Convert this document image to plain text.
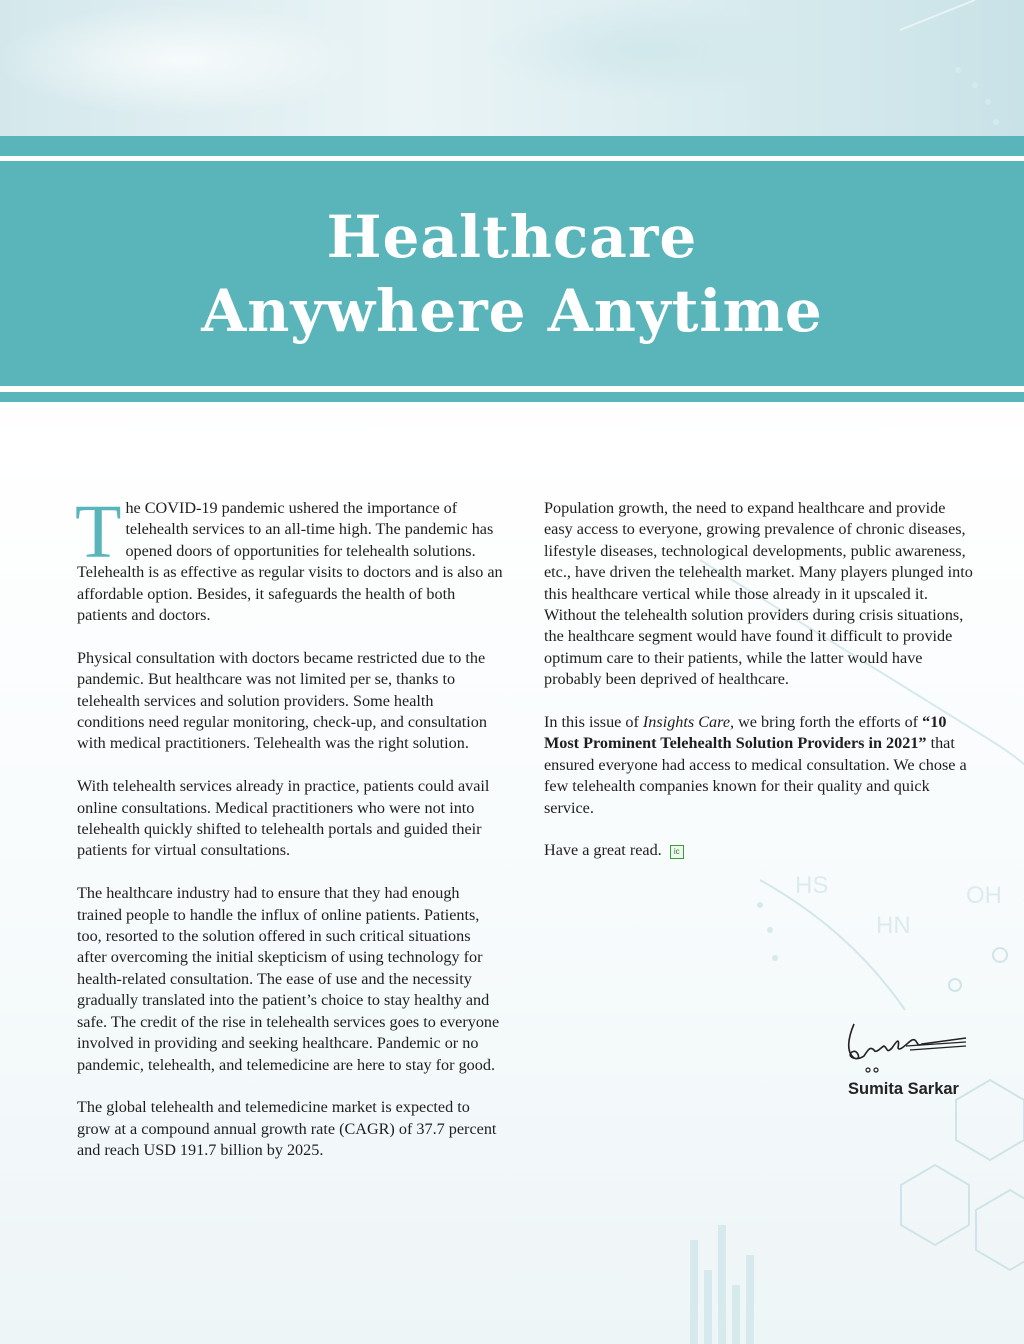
HS	OH
HN
Healthcare
Anywhere Anytime

The COVID-19 pandemic ushered the importance of telehealth services to an all-time high. The pandemic has opened doors of opportunities for telehealth solutions. Telehealth is as effective as regular visits to doctors and is also an affordable option. Besides, it safeguards the health of both patients and doctors.

Physical consultation with doctors became restricted due to the pandemic. But healthcare was not limited per se, thanks to telehealth services and solution providers. Some health conditions need regular monitoring, check-up, and consultation with medical practitioners. Telehealth was the right solution.

With telehealth services already in practice, patients could avail online consultations. Medical practitioners who were not into telehealth quickly shifted to telehealth portals and guided their patients for virtual consultations.

The healthcare industry had to ensure that they had enough trained people to handle the influx of online patients. Patients, too, resorted to the solution offered in such critical situations after overcoming the initial skepticism of using technology for health-related consultation. The ease of use and the necessity gradually translated into the patient’s choice to stay healthy and safe. The credit of the rise in telehealth services goes to everyone involved in providing and seeking healthcare. Pandemic or no pandemic, telehealth, and telemedicine are here to stay for good.

The global telehealth and telemedicine market is expected to grow at a compound annual growth rate (CAGR) of 37.7 percent and reach USD 191.7 billion by 2025.

Population growth, the need to expand healthcare and provide easy access to everyone, growing prevalence of chronic diseases, lifestyle diseases, technological developments, public awareness, etc., have driven the telehealth market. Many players plunged into this healthcare vertical while those already in it upscaled it. Without the telehealth solution providers during crisis situations, the healthcare segment would have found it difficult to provide optimum care to their patients, while the latter would have probably been deprived of healthcare.

In this issue of Insights Care, we bring forth the efforts of “10 Most Prominent Telehealth Solution Providers in 2021” that ensured everyone had access to medical consultation. We chose a few telehealth companies known for their quality and quick service.

Have a great read. ic

Sumita Sarkar
